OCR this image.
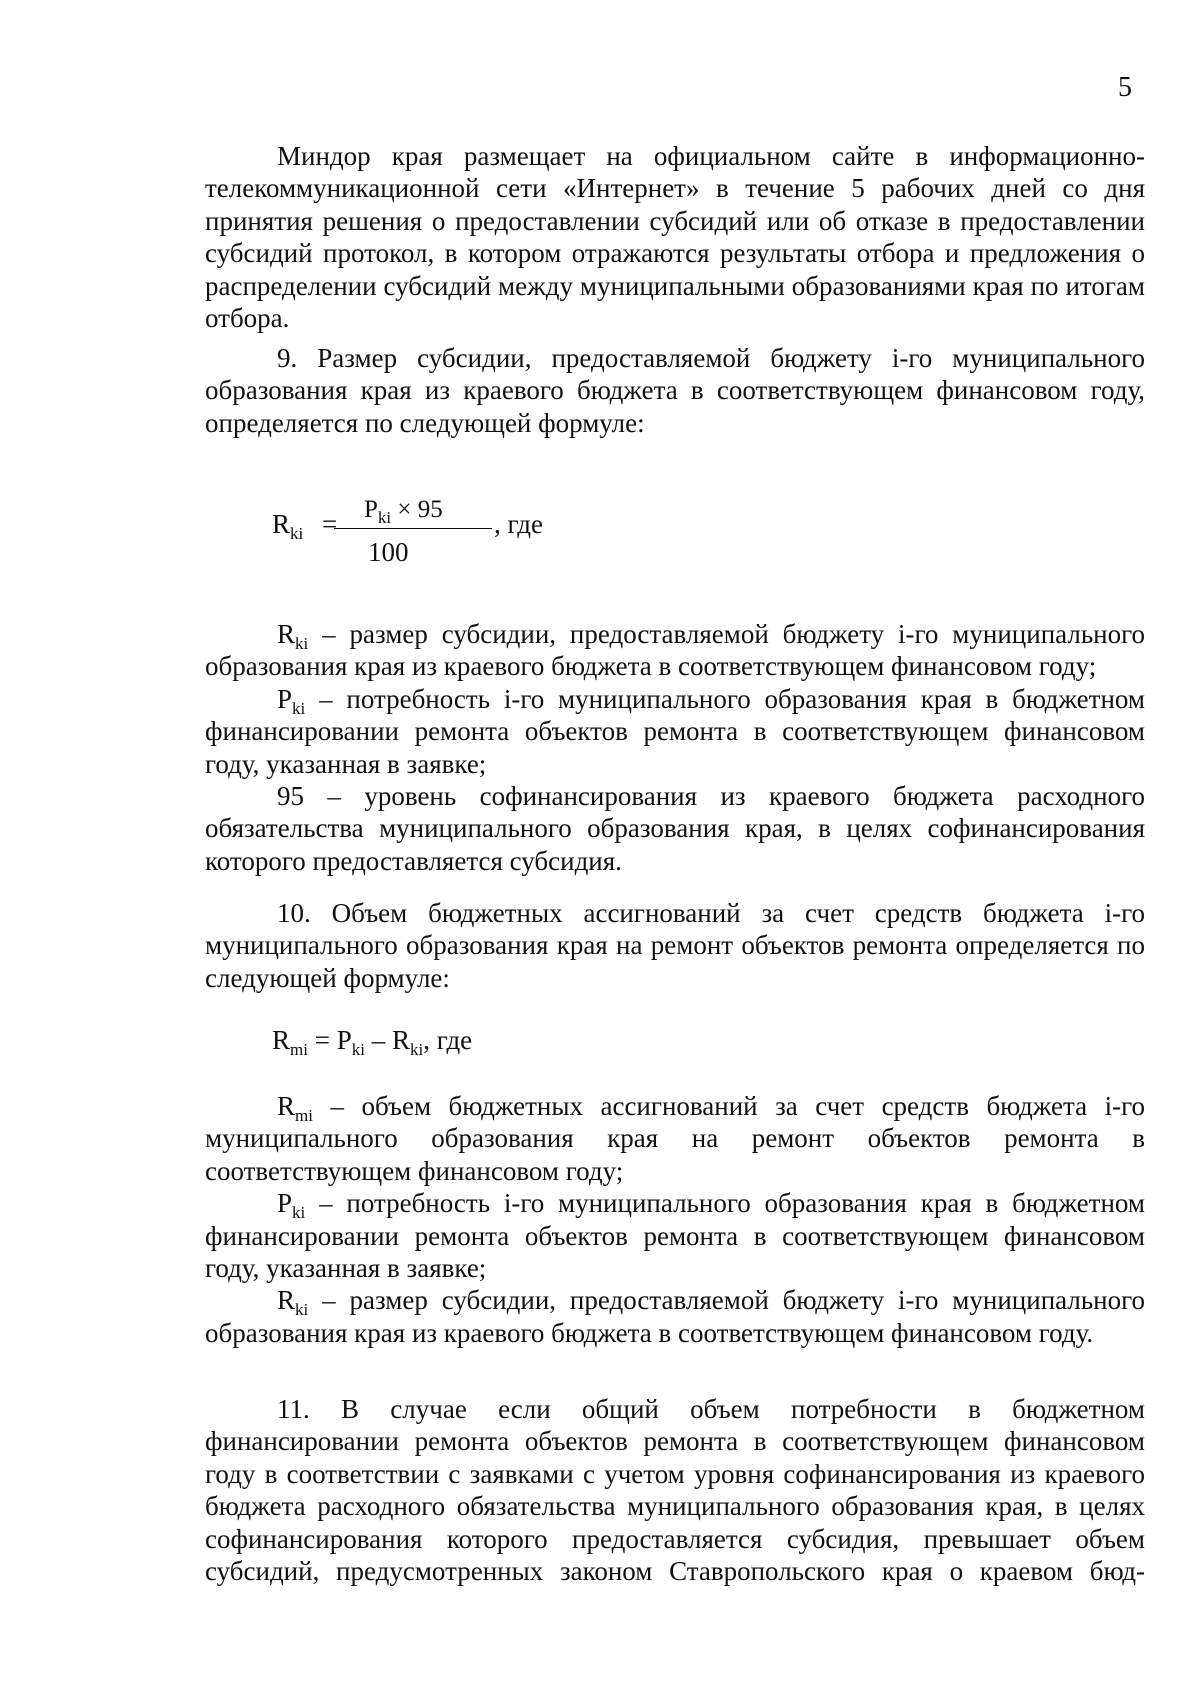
5

Миндор края размещает на официальном сайте в информационно-телекоммуникационной сети «Интернет» в течение 5 рабочих дней со дня принятия решения о предоставлении субсидий или об отказе в предоставлении субсидий протокол, в котором отражаются результаты отбора и предложения о распределении субсидий между муниципальными образованиями края по итогам отбора.

9. Размер субсидии, предоставляемой бюджету i-го муниципального образования края из краевого бюджета в соответствующем финансовом году, определяется по следующей формуле:

$R_{ki} = P_{ki} \times 95$
100
, где

$R_{ki}$ – размер субсидии, предоставляемой бюджету i-го муниципального образования края из краевого бюджета в соответствующем финансовом году;

$P_{ki}$ – потребность i-го муниципального образования края в бюджетном финансировании ремонта объектов ремонта в соответствующем финансовом году, указанная в заявке;

95 – уровень софинансирования из краевого бюджета расходного обязательства муниципального образования края, в целях софинансирования которого предоставляется субсидия.

10. Объем бюджетных ассигнований за счет средств бюджета i-го муниципального образования края на ремонт объектов ремонта определяется по следующей формуле:

$R_{mi} = P_{ki} - R_{ki}$, где

$R_{mi}$ – объем бюджетных ассигнований за счет средств бюджета i-го муниципального образования края на ремонт объектов ремонта в соответствующем финансовом году;

$P_{ki}$ – потребность i-го муниципального образования края в бюджетном финансировании ремонта объектов ремонта в соответствующем финансовом году, указанная в заявке;

$R_{ki}$ – размер субсидии, предоставляемой бюджету i-го муниципального образования края из краевого бюджета в соответствующем финансовом году.

11. В случае если общий объем потребности в бюджетном финансировании ремонта объектов ремонта в соответствующем финансовом году в соответствии с заявками с учетом уровня софинансирования из краевого бюджета расходного обязательства муниципального образования края, в целях софинансирования которого предоставляется субсидия, превышает объем субсидий, предусмотренных законом Ставропольского края о краевом бюд-
